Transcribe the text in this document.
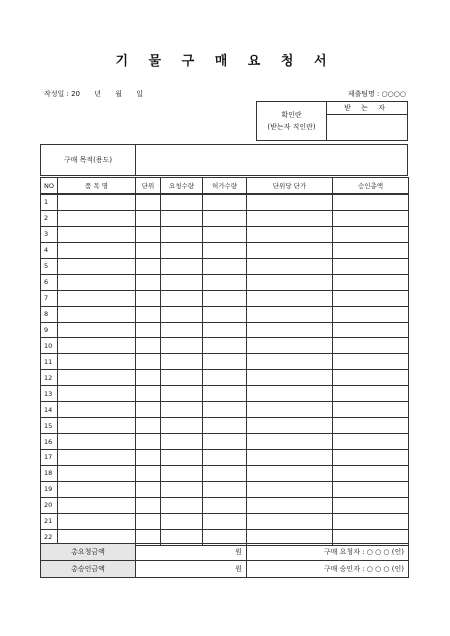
기 물 구 매 요 청 서
작성일 : 20 년 월 일	제출팀명 : ○○○○
확인란
(받는자 직인란)
받 는 자
구매 목적(용도)
NO	품 목 명	단위	요청수량	허가수량	단위당 단가	승인총액
1						
2						
3						
4						
5						
6						
7						
8						
9						
10						
11						
12						
13						
14						
15						
16						
17						
18						
19						
20						
21						
22						
총요청금액	원	구매 요청자 : ○ ○ ○ (인)
총승인금액	원	구매 승인자 : ○ ○ ○ (인)
